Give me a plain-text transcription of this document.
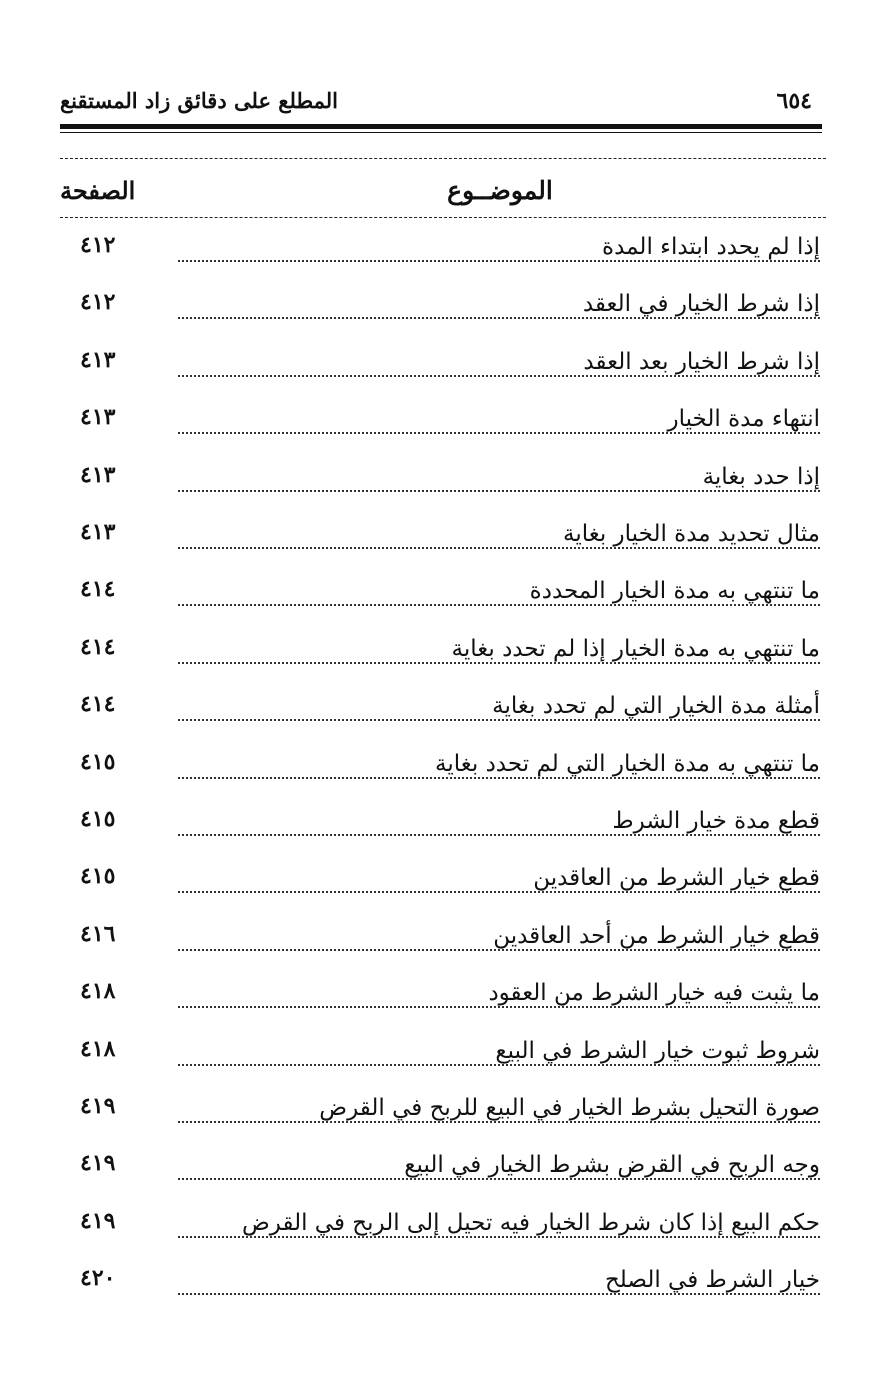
المطلع على دقائق زاد المستقنع	٦٥٤
الموضــوع
الصفحة
إذا لم يحدد ابتداء المدة
٤١٢
إذا شرط الخيار في العقد
٤١٢
إذا شرط الخيار بعد العقد
٤١٣
انتهاء مدة الخيار
٤١٣
إذا حدد بغاية
٤١٣
مثال تحديد مدة الخيار بغاية
٤١٣
ما تنتهي به مدة الخيار المحددة
٤١٤
ما تنتهي به مدة الخيار إذا لم تحدد بغاية
٤١٤
أمثلة مدة الخيار التي لم تحدد بغاية
٤١٤
ما تنتهي به مدة الخيار التي لم تحدد بغاية
٤١٥
قطع مدة خيار الشرط
٤١٥
قطع خيار الشرط من العاقدين
٤١٥
قطع خيار الشرط من أحد العاقدين
٤١٦
ما يثبت فيه خيار الشرط من العقود
٤١٨
شروط ثبوت خيار الشرط في البيع
٤١٨
صورة التحيل بشرط الخيار في البيع للربح في القرض
٤١٩
وجه الربح في القرض بشرط الخيار في البيع
٤١٩
حكم البيع إذا كان شرط الخيار فيه تحيل إلى الربح في القرض
٤١٩
خيار الشرط في الصلح
٤٢٠
